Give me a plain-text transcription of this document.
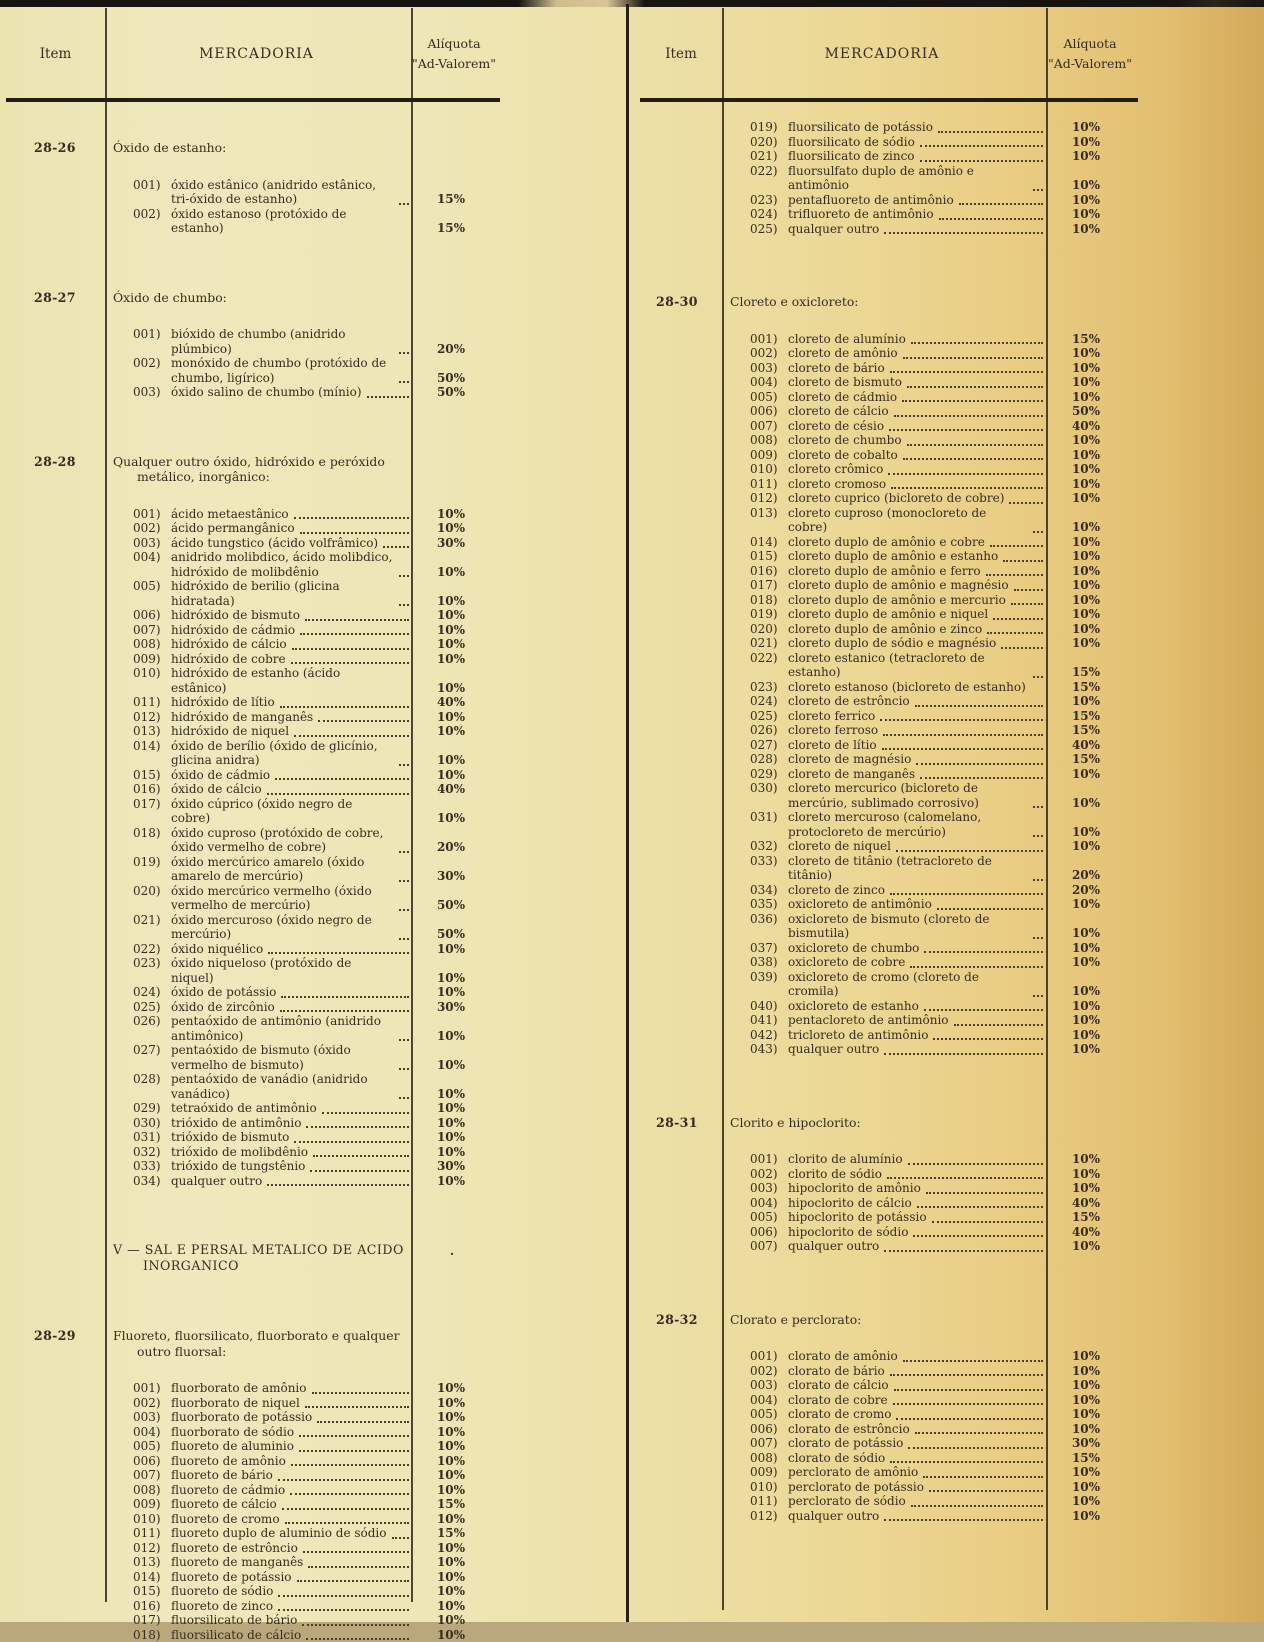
Item	MERCADORIA
Alíquota
"Ad-Valorem"
28-26	Óxido de estanho:
001) óxido estânico (anidrido estânico, tri-óxido de estanho)	15%
002) óxido estanoso (protóxido de estanho)	15%
28-27	Óxido de chumbo:
001) bióxido de chumbo (anidrido plúmbico)	20%
002) monóxido de chumbo (protóxido de chumbo, ligírico)	50%
003) óxido salino de chumbo (mínio)	50%
28-28	Qualquer outro óxido, hidróxido e peróxido metálico, inorgânico:
001) ácido metaestânico	10%
002) ácido permangânico	10%
003) ácido tungstico (ácido volfrâmico)	30%
004) anidrido molibdico, ácido molibdico, hidróxido de molibdênio	10%
005) hidróxido de berilio (glicina hidratada)	10%
006) hidróxido de bismuto	10%
007) hidróxido de cádmio	10%
008) hidróxido de cálcio	10%
009) hidróxido de cobre	10%
010) hidróxido de estanho (ácido estânico)	10%
011) hidróxido de lítio	40%
012) hidróxido de manganês	10%
013) hidróxido de niquel	10%
014) óxido de berílio (óxido de glicínio, glicina anidra)	10%
015) óxido de cádmio	10%
016) óxido de cálcio	40%
017) óxido cúprico (óxido negro de cobre)	10%
018) óxido cuproso (protóxido de cobre, óxido vermelho de cobre)	20%
019) óxido mercúrico amarelo (óxido amarelo de mercúrio)	30%
020) óxido mercúrico vermelho (óxido vermelho de mercúrio)	50%
021) óxido mercuroso (óxido negro de mercúrio)	50%
022) óxido niquélico	10%
023) óxido niqueloso (protóxido de niquel)	10%
024) óxido de potássio	10%
025) óxido de zircônio	30%
026) pentaóxido de antimônio (anidrido antimônico)	10%
027) pentaóxido de bismuto (óxido vermelho de bismuto)	10%
028) pentaóxido de vanádio (anidrido vanádico)	10%
029) tetraóxido de antimônio	10%
030) trióxido de antimônio	10%
031) trióxido de bismuto	10%
032) trióxido de molibdênio	10%
033) trióxido de tungstênio	30%
034) qualquer outro	10%
.
V — SAL E PERSAL METALICO DE ACIDO INORGANICO
28-29	Fluoreto, fluorsilicato, fluorborato e qualquer outro fluorsal:
001) fluorborato de amônio	10%
002) fluorborato de niquel	10%
003) fluorborato de potássio	10%
004) fluorborato de sódio	10%
005) fluoreto de aluminio	10%
006) fluoreto de amônio	10%
007) fluoreto de bário	10%
008) fluoreto de cádmio	10%
009) fluoreto de cálcio	15%
010) fluoreto de cromo	10%
011) fluoreto duplo de aluminio de sódio	15%
012) fluoreto de estrôncio	10%
013) fluoreto de manganês	10%
014) fluoreto de potássio	10%
015) fluoreto de sódio	10%
016) fluoreto de zinco	10%
017) fluorsilicato de bário	10%
018) fluorsilicato de cálcio	10%
Item	MERCADORIA
Alíquota
"Ad-Valorem"
019) fluorsilicato de potássio	10%
020) fluorsilicato de sódio	10%
021) fluorsilicato de zinco	10%
022) fluorsulfato duplo de amônio e antimônio	10%
023) pentafluoreto de antimônio	10%
024) trifluoreto de antimônio	10%
025) qualquer outro	10%
28-30	Cloreto e oxicloreto:
001) cloreto de alumínio	15%
002) cloreto de amônio	10%
003) cloreto de bário	10%
004) cloreto de bismuto	10%
005) cloreto de cádmio	10%
006) cloreto de cálcio	50%
007) cloreto de césio	40%
008) cloreto de chumbo	10%
009) cloreto de cobalto	10%
010) cloreto crômico	10%
011) cloreto cromoso	10%
012) cloreto cuprico (bicloreto de cobre)	10%
013) cloreto cuproso (monocloreto de cobre)	10%
014) cloreto duplo de amônio e cobre	10%
015) cloreto duplo de amônio e estanho	10%
016) cloreto duplo de amônio e ferro	10%
017) cloreto duplo de amônio e magnésio	10%
018) cloreto duplo de amônio e mercurio	10%
019) cloreto duplo de amônio e niquel	10%
020) cloreto duplo de amônio e zinco	10%
021) cloreto duplo de sódio e magnésio	10%
022) cloreto estanico (tetracloreto de estanho)	15%
023) cloreto estanoso (bicloreto de estanho)	15%
024) cloreto de estrôncio	10%
025) cloreto ferrico	15%
026) cloreto ferroso	15%
027) cloreto de lítio	40%
028) cloreto de magnésio	15%
029) cloreto de manganês	10%
030) cloreto mercurico (bicloreto de mercúrio, sublimado corrosivo)	10%
031) cloreto mercuroso (calomelano, protocloreto de mercúrio)	10%
032) cloreto de niquel	10%
033) cloreto de titânio (tetracloreto de titânio)	20%
034) cloreto de zinco	20%
035) oxicloreto de antimônio	10%
036) oxicloreto de bismuto (cloreto de bismutila)	10%
037) oxicloreto de chumbo	10%
038) oxicloreto de cobre	10%
039) oxicloreto de cromo (cloreto de cromila)	10%
040) oxicloreto de estanho	10%
041) pentacloreto de antimônio	10%
042) tricloreto de antimônio	10%
043) qualquer outro	10%
28-31	Clorito e hipoclorito:
001) clorito de alumínio	10%
002) clorito de sódio	10%
003) hipoclorito de amônio	10%
004) hipoclorito de cálcio	40%
005) hipoclorito de potássio	15%
006) hipoclorito de sódio	40%
007) qualquer outro	10%
28-32	Clorato e perclorato:
001) clorato de amônio	10%
002) clorato de bário	10%
003) clorato de cálcio	10%
004) clorato de cobre	10%
005) clorato de cromo	10%
006) clorato de estrôncio	10%
007) clorato de potássio	30%
008) clorato de sódio	15%
009) perclorato de amônio	10%
010) perclorato de potássio	10%
011) perclorato de sódio	10%
012) qualquer outro	10%
